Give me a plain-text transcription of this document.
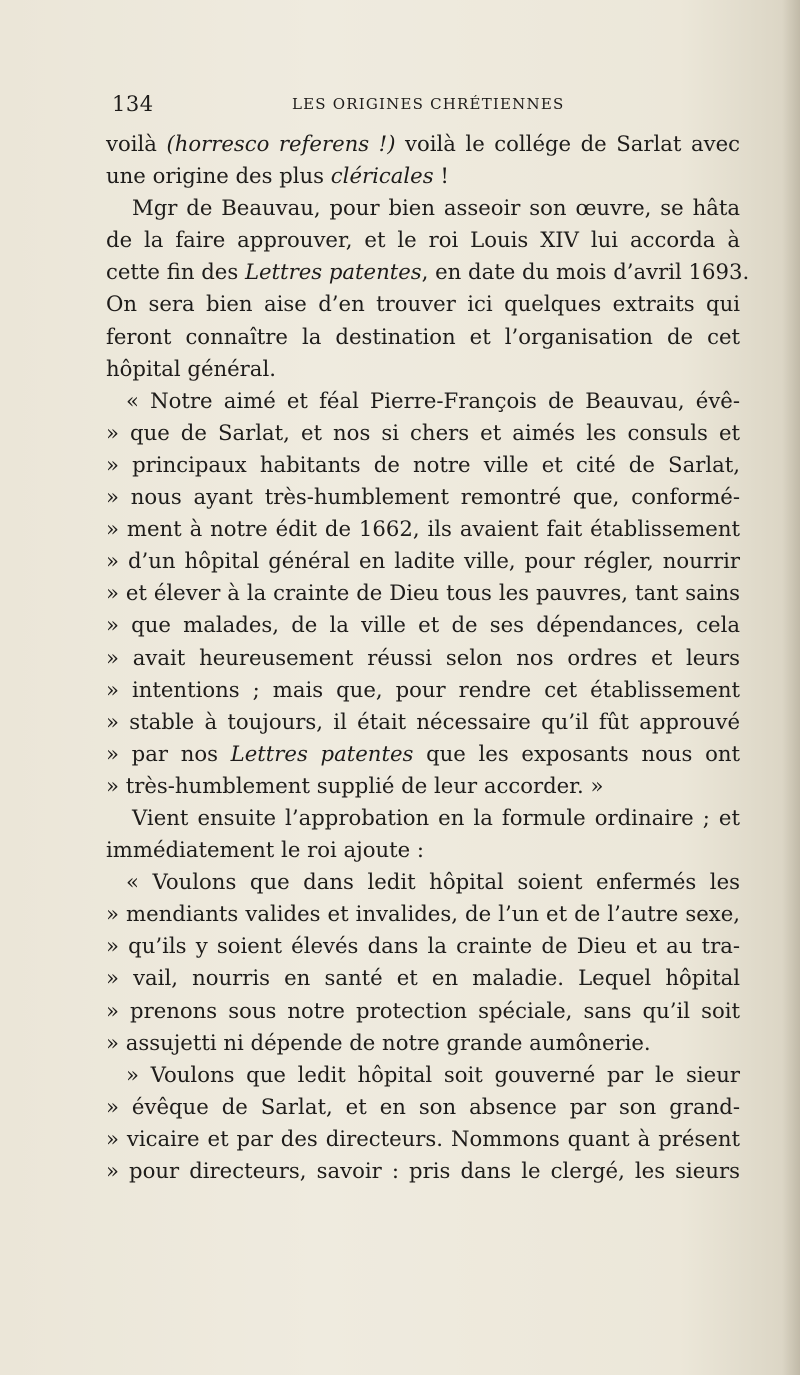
134	LES ORIGINES CHRÉTIENNES
voilà (horresco referens !) voilà le collége de Sarlat avec
une origine des plus cléricales !
Mgr de Beauvau, pour bien asseoir son œuvre, se hâta
de la faire approuver, et le roi Louis XIV lui accorda à
cette fin des Lettres patentes, en date du mois d’avril 1693.
On sera bien aise d’en trouver ici quelques extraits qui
feront connaître la destination et l’organisation de cet
hôpital général.
« Notre aimé et féal Pierre-François de Beauvau, évê-
» que de Sarlat, et nos si chers et aimés les consuls et
» principaux habitants de notre ville et cité de Sarlat,
» nous ayant très-humblement remontré que, conformé-
» ment à notre édit de 1662, ils avaient fait établissement
» d’un hôpital général en ladite ville, pour régler, nourrir
» et élever à la crainte de Dieu tous les pauvres, tant sains
» que malades, de la ville et de ses dépendances, cela
» avait heureusement réussi selon nos ordres et leurs
» intentions ; mais que, pour rendre cet établissement
» stable à toujours, il était nécessaire qu’il fût approuvé
» par nos Lettres patentes que les exposants nous ont
» très-humblement supplié de leur accorder. »
Vient ensuite l’approbation en la formule ordinaire ; et
immédiatement le roi ajoute :
« Voulons que dans ledit hôpital soient enfermés les
» mendiants valides et invalides, de l’un et de l’autre sexe,
» qu’ils y soient élevés dans la crainte de Dieu et au tra-
» vail, nourris en santé et en maladie. Lequel hôpital
» prenons sous notre protection spéciale, sans qu’il soit
» assujetti ni dépende de notre grande aumônerie.
» Voulons que ledit hôpital soit gouverné par le sieur
» évêque de Sarlat, et en son absence par son grand-
» vicaire et par des directeurs. Nommons quant à présent
» pour directeurs, savoir : pris dans le clergé, les sieurs
